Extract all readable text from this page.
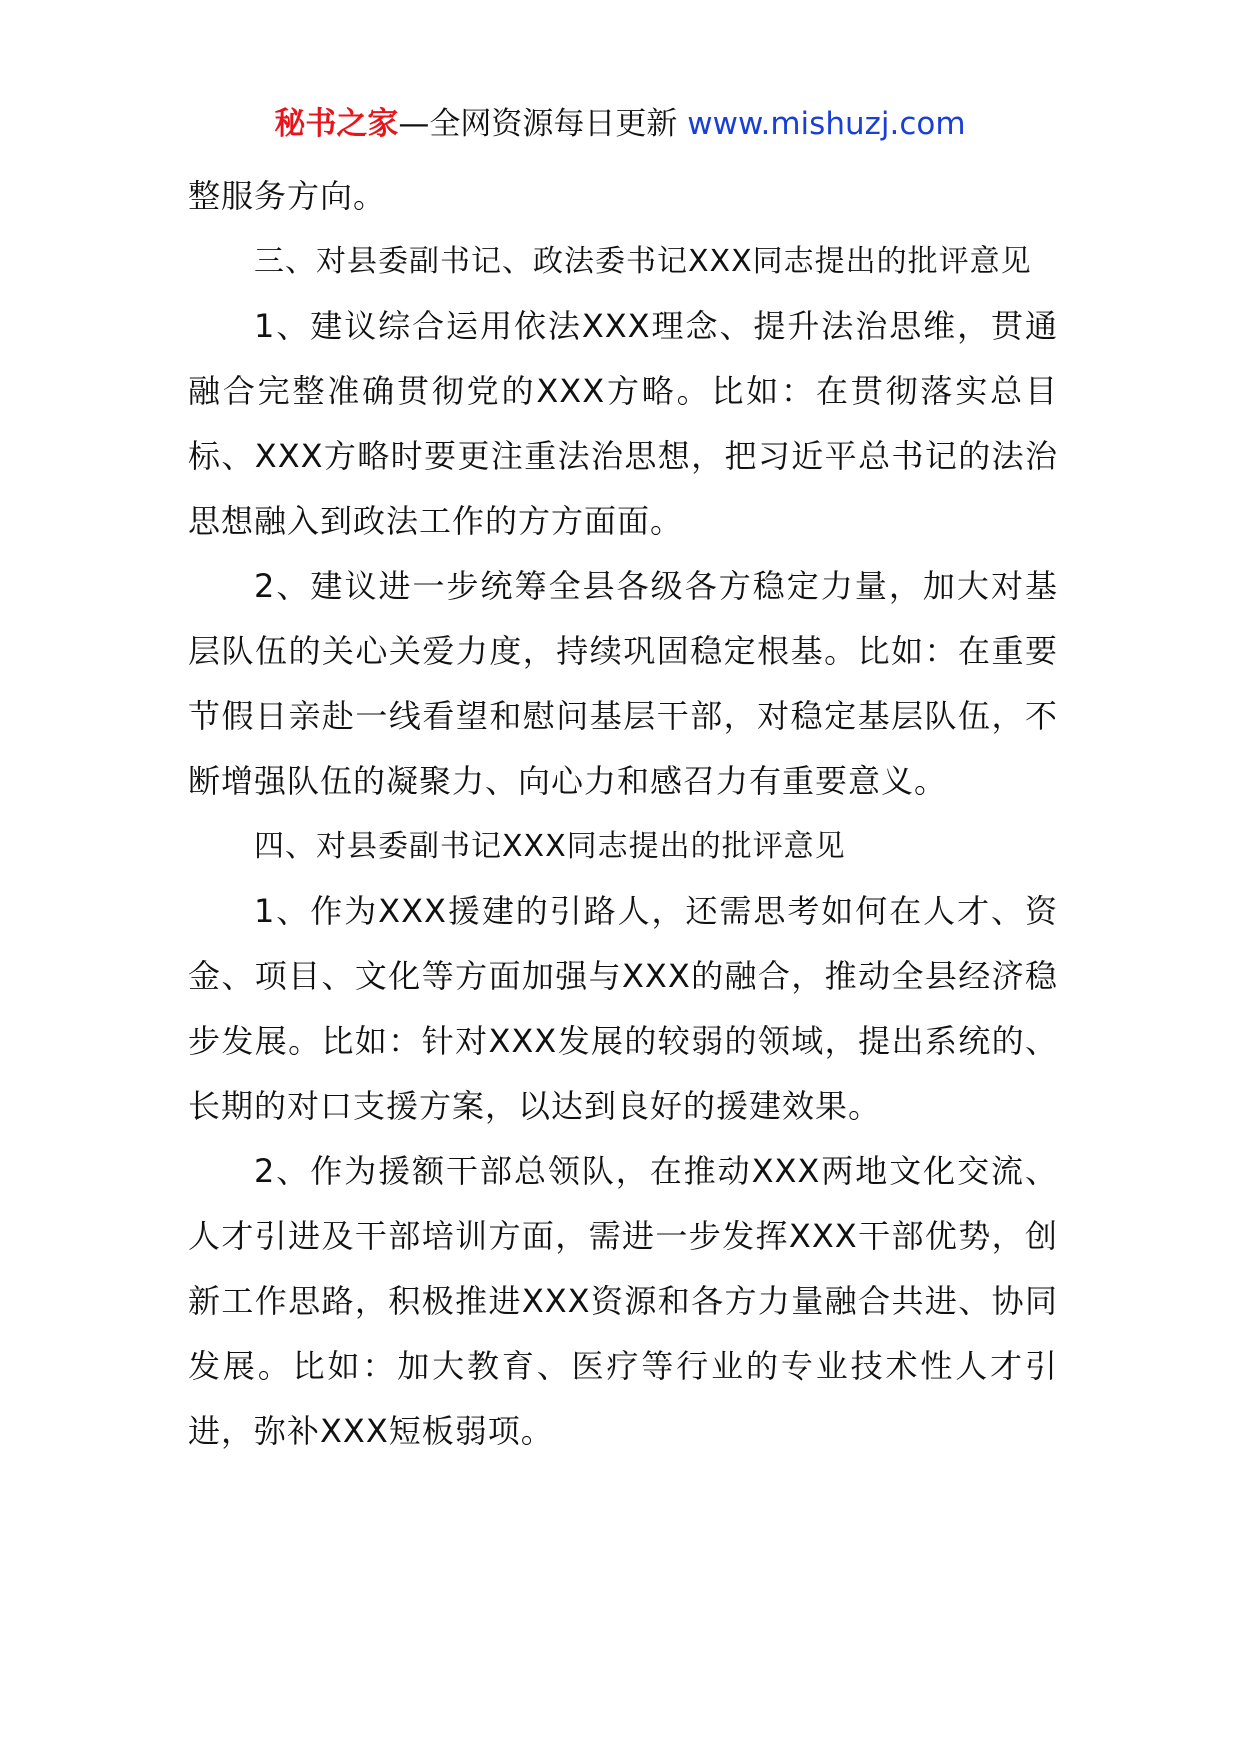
秘书之家—全网资源每日更新 www.mishuzj.com

整服务方向。

三、对县委副书记、政法委书记XXX同志提出的批评意见

1、建议综合运用依法XXX理念、提升法治思维，贯通融合完整准确贯彻党的XXX方略。比如：在贯彻落实总目标、XXX方略时要更注重法治思想，把习近平总书记的法治思想融入到政法工作的方方面面。

2、建议进一步统筹全县各级各方稳定力量，加大对基层队伍的关心关爱力度，持续巩固稳定根基。比如：在重要节假日亲赴一线看望和慰问基层干部，对稳定基层队伍，不断增强队伍的凝聚力、向心力和感召力有重要意义。

四、对县委副书记XXX同志提出的批评意见

1、作为XXX援建的引路人，还需思考如何在人才、资金、项目、文化等方面加强与XXX的融合，推动全县经济稳步发展。比如：针对XXX发展的较弱的领域，提出系统的、长期的对口支援方案，以达到良好的援建效果。

2、作为援额干部总领队，在推动XXX两地文化交流、人才引进及干部培训方面，需进一步发挥XXX干部优势，创新工作思路，积极推进XXX资源和各方力量融合共进、协同发展。比如：加大教育、医疗等行业的专业技术性人才引进，弥补XXX短板弱项。
